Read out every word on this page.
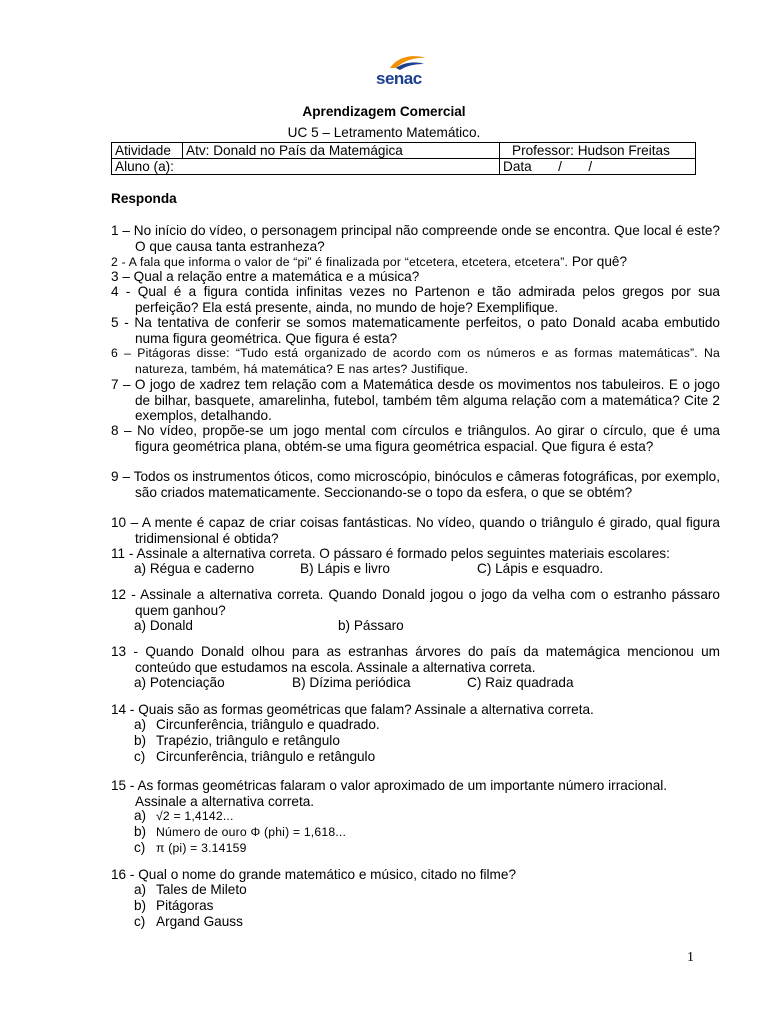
senac
Aprendizagem Comercial
UC 5 – Letramento Matemático.
Atividade	Atv: Donald no País da Matemágica	Professor: Hudson Freitas
Aluno (a):		Data       /       /
Responda
1 – No início do vídeo, o personagem principal não compreende onde se encontra. Que local é este? O que causa tanta estranheza?
2 - A fala que informa o valor de “pi” é finalizada por “etcetera, etcetera, etcetera”. Por quê?
3 – Qual a relação entre a matemática e a música?
4 - Qual é a figura contida infinitas vezes no Partenon e tão admirada pelos gregos por sua perfeição? Ela está presente, ainda, no mundo de hoje? Exemplifique.
5 - Na tentativa de conferir se somos matematicamente perfeitos, o pato Donald acaba embutido numa figura geométrica. Que figura é esta?
6 – Pitágoras disse: “Tudo está organizado de acordo com os números e as formas matemáticas”. Na natureza, também, há matemática? E nas artes? Justifique.
7 – O jogo de xadrez tem relação com a Matemática desde os movimentos nos tabuleiros. E o jogo de bilhar, basquete, amarelinha, futebol, também têm alguma relação com a matemática? Cite 2 exemplos, detalhando.
8 – No vídeo, propõe-se um jogo mental com círculos e triângulos. Ao girar o círculo, que é uma figura geométrica plana, obtém-se uma figura geométrica espacial. Que figura é esta?
9 – Todos os instrumentos óticos, como microscópio, binóculos e câmeras fotográficas, por exemplo, são criados matematicamente. Seccionando-se o topo da esfera, o que se obtém?
10 – A mente é capaz de criar coisas fantásticas. No vídeo, quando o triângulo é girado, qual figura tridimensional é obtida?
11 - Assinale a alternativa correta. O pássaro é formado pelos seguintes materiais escolares:
a) Régua e caderno	B) Lápis e livro	C) Lápis e esquadro.
12 - Assinale a alternativa correta. Quando Donald jogou o jogo da velha com o estranho pássaro quem ganhou?
a) Donald	b) Pássaro
13 - Quando Donald olhou para as estranhas árvores do país da matemágica mencionou um conteúdo que estudamos na escola. Assinale a alternativa correta.
a) Potenciação	B) Dízima periódica	C) Raiz quadrada
14 - Quais são as formas geométricas que falam? Assinale a alternativa correta.
a) Circunferência, triângulo e quadrado.
b) Trapézio, triângulo e retângulo
c) Circunferência, triângulo e retângulo
15 - As formas geométricas falaram o valor aproximado de um importante número irracional. Assinale a alternativa correta.
a) √2 = 1,4142...
b) Número de ouro Φ (phi) = 1,618...
c) π (pi) = 3.14159
16 - Qual o nome do grande matemático e músico, citado no filme?
a) Tales de Mileto
b) Pitágoras
c) Argand Gauss
1
